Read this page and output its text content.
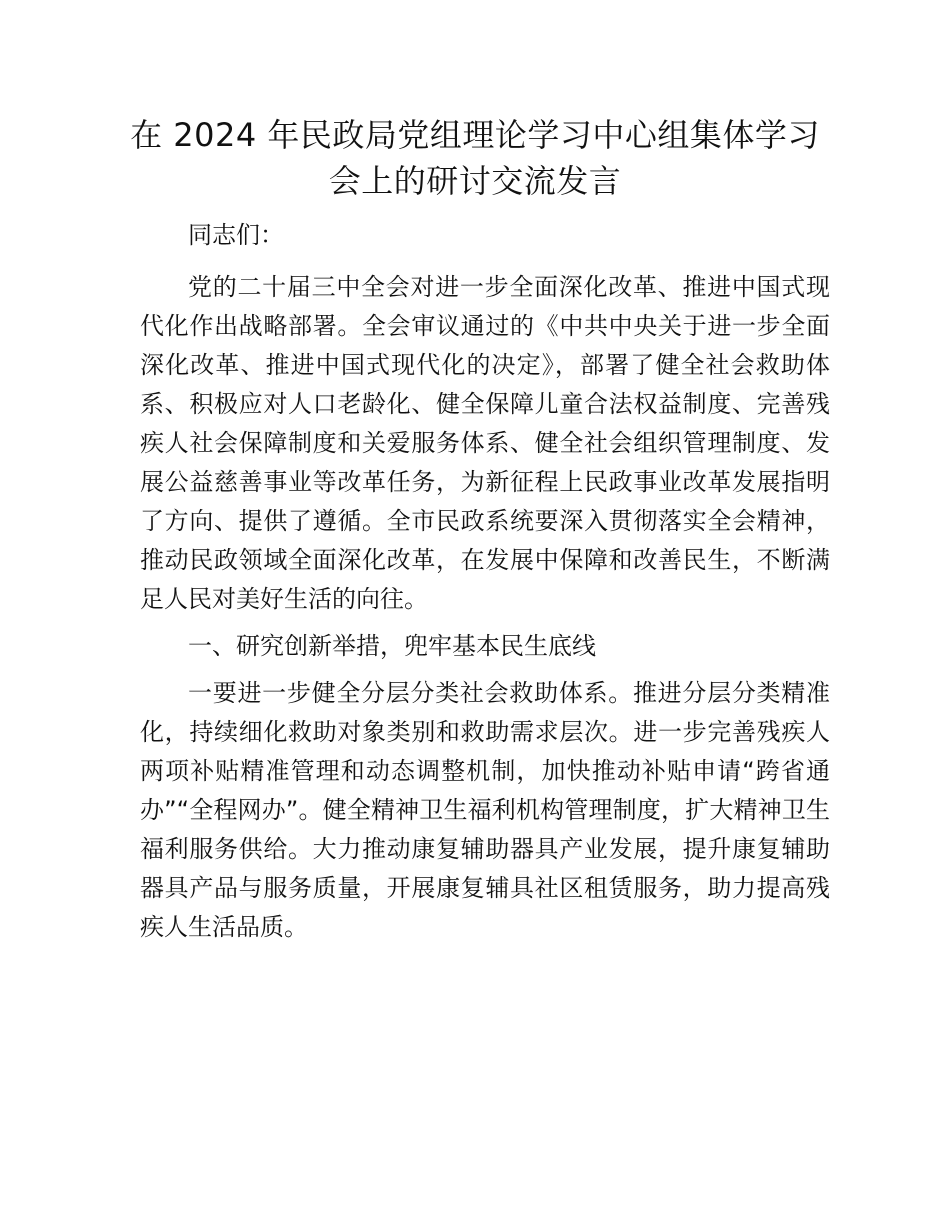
在 2024 年民政局党组理论学习中心组集体学习会上的研讨交流发言

同志们：

党的二十届三中全会对进一步全面深化改革、推进中国式现代化作出战略部署。全会审议通过的《中共中央关于进一步全面深化改革、推进中国式现代化的决定》，部署了健全社会救助体系、积极应对人口老龄化、健全保障儿童合法权益制度、完善残疾人社会保障制度和关爱服务体系、健全社会组织管理制度、发展公益慈善事业等改革任务，为新征程上民政事业改革发展指明了方向、提供了遵循。全市民政系统要深入贯彻落实全会精神，推动民政领域全面深化改革，在发展中保障和改善民生，不断满足人民对美好生活的向往。

一、研究创新举措，兜牢基本民生底线

一要进一步健全分层分类社会救助体系。推进分层分类精准化，持续细化救助对象类别和救助需求层次。进一步完善残疾人两项补贴精准管理和动态调整机制，加快推动补贴申请“跨省通办”“全程网办”。健全精神卫生福利机构管理制度，扩大精神卫生福利服务供给。大力推动康复辅助器具产业发展，提升康复辅助器具产品与服务质量，开展康复辅具社区租赁服务，助力提高残疾人生活品质。
